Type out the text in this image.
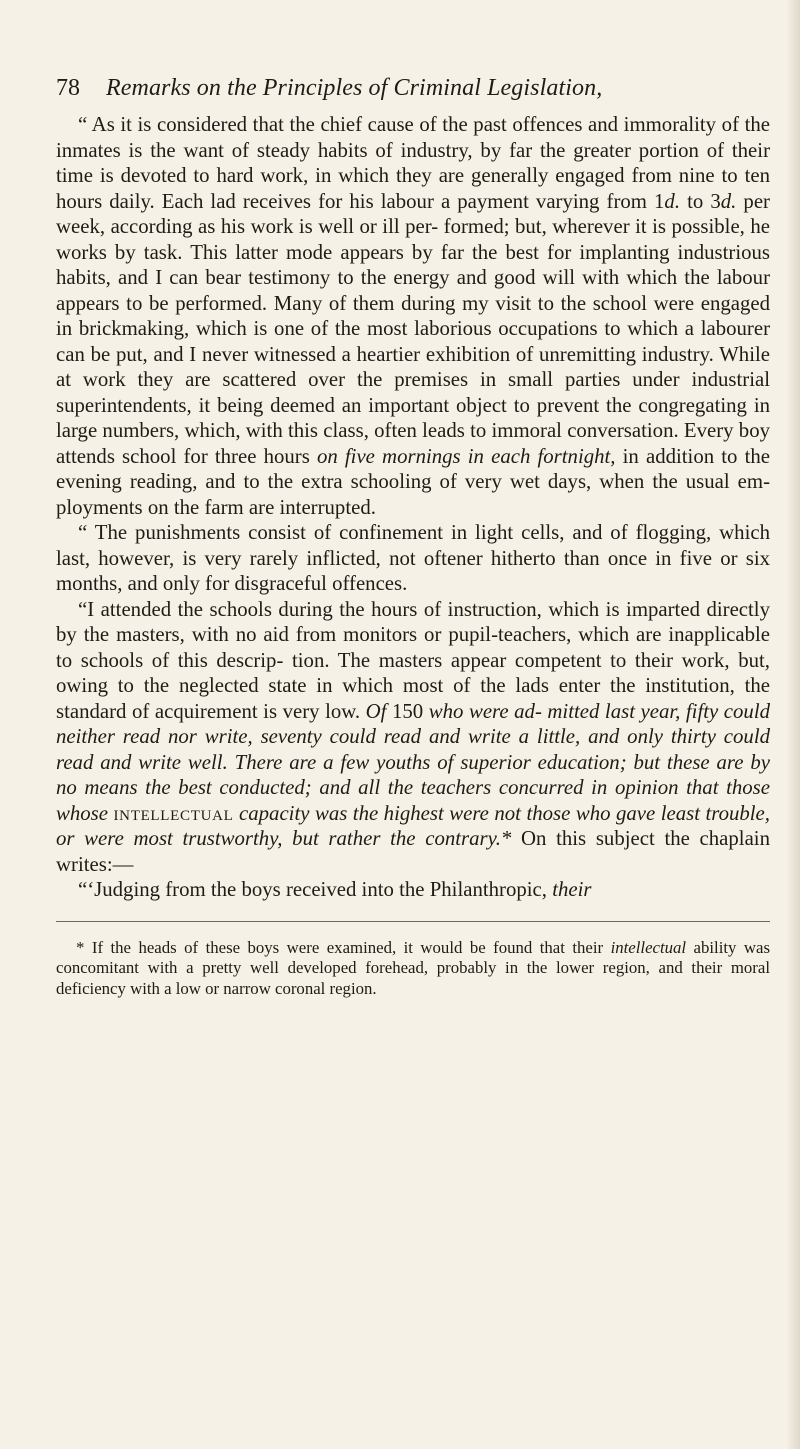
78	Remarks on the Principles of Criminal Legislation,

“ As it is considered that the chief cause of the past offences and immorality of the inmates is the want of steady habits of industry, by far the greater portion of their time is devoted to hard work, in which they are generally engaged from nine to ten hours daily. Each lad receives for his labour a payment varying from 1d. to 3d. per week, according as his work is well or ill per- formed; but, wherever it is possible, he works by task. This latter mode appears by far the best for implanting industrious habits, and I can bear testimony to the energy and good will with which the labour appears to be performed. Many of them during my visit to the school were engaged in brickmaking, which is one of the most laborious occupations to which a labourer can be put, and I never witnessed a heartier exhibition of unremitting industry. While at work they are scattered over the premises in small parties under industrial superintendents, it being deemed an important object to prevent the congregating in large numbers, which, with this class, often leads to immoral conversation. Every boy attends school for three hours on five mornings in each fortnight, in addition to the evening reading, and to the extra schooling of very wet days, when the usual em- ployments on the farm are interrupted.

“ The punishments consist of confinement in light cells, and of flogging, which last, however, is very rarely inflicted, not oftener hitherto than once in five or six months, and only for disgraceful offences.

“I attended the schools during the hours of instruction, which is imparted directly by the masters, with no aid from monitors or pupil-teachers, which are inapplicable to schools of this descrip- tion. The masters appear competent to their work, but, owing to the neglected state in which most of the lads enter the institution, the standard of acquirement is very low. Of 150 who were ad- mitted last year, fifty could neither read nor write, seventy could read and write a little, and only thirty could read and write well. There are a few youths of superior education; but these are by no means the best conducted; and all the teachers concurred in opinion that those whose intellectual capacity was the highest were not those who gave least trouble, or were most trustworthy, but rather the contrary.* On this subject the chaplain writes:—

“‘Judging from the boys received into the Philanthropic, their

* If the heads of these boys were examined, it would be found that their intellectual ability was concomitant with a pretty well developed forehead, probably in the lower region, and their moral deficiency with a low or narrow coronal region.
